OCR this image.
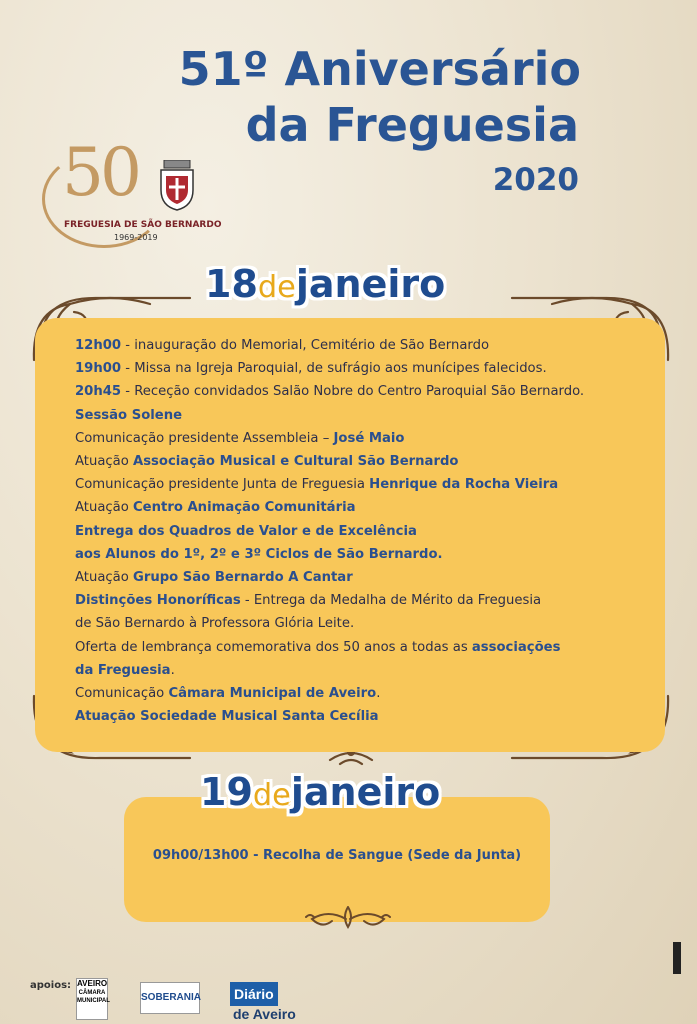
51º Aniversário
da Freguesia
2020
50
FREGUESIA DE SÃO BERNARDO
1969-2019
18dejaneiro
12h00 - inauguração do Memorial, Cemitério de São Bernardo
19h00 - Missa na Igreja Paroquial, de sufrágio aos munícipes falecidos.
20h45 - Receção convidados Salão Nobre do Centro Paroquial São Bernardo.
Sessão Solene
Comunicação presidente Assembleia – José Maio
Atuação Associação Musical e Cultural São Bernardo
Comunicação presidente Junta de Freguesia Henrique da Rocha Vieira
Atuação Centro Animação Comunitária
Entrega dos Quadros de Valor e de Excelência
aos Alunos do 1º, 2º e 3º Ciclos de São Bernardo.
Atuação Grupo São Bernardo A Cantar
Distinções Honoríficas - Entrega da Medalha de Mérito da Freguesia
de São Bernardo à Professora Glória Leite.
Oferta de lembrança comemorativa dos 50 anos a todas as associações
da Freguesia.
Comunicação Câmara Municipal de Aveiro.
Atuação Sociedade Musical Santa Cecília
19dejaneiro
09h00/13h00 - Recolha de Sangue (Sede da Junta)
apoios: AVEIRO
CÂMARA MUNICIPAL	SOBERANIA Diáriode Aveiro
